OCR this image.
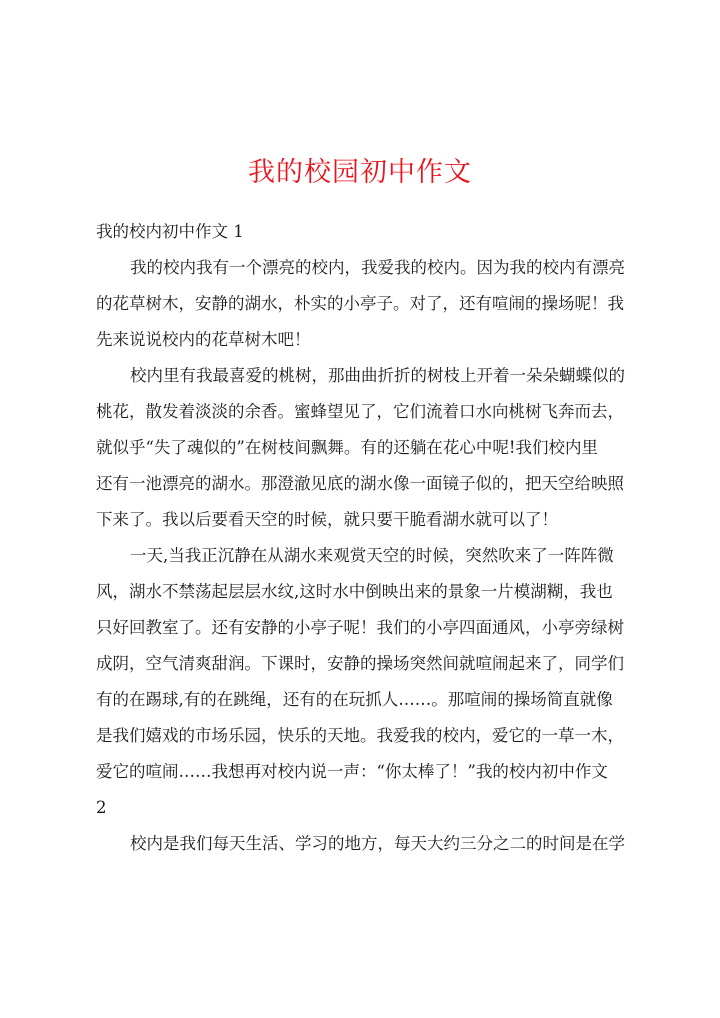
我的校园初中作文
我的校内初中作文 1
我的校内我有一个漂亮的校内，我爱我的校内。因为我的校内有漂亮
的花草树木，安静的湖水，朴实的小亭子。对了，还有喧闹的操场呢！我
先来说说校内的花草树木吧！
校内里有我最喜爱的桃树，那曲曲折折的树枝上开着一朵朵蝴蝶似的
桃花，散发着淡淡的余香。蜜蜂望见了，它们流着口水向桃树飞奔而去，
就似乎“失了魂似的”在树枝间飘舞。有的还躺在花心中呢!我们校内里
还有一池漂亮的湖水。那澄澈见底的湖水像一面镜子似的，把天空给映照
下来了。我以后要看天空的时候，就只要干脆看湖水就可以了！
一天,当我正沉静在从湖水来观赏天空的时候，突然吹来了一阵阵微
风，湖水不禁荡起层层水纹,这时水中倒映出来的景象一片模湖糊，我也
只好回教室了。还有安静的小亭子呢！我们的小亭四面通风，小亭旁绿树
成阴，空气清爽甜润。下课时，安静的操场突然间就喧闹起来了，同学们
有的在踢球,有的在跳绳，还有的在玩抓人……。那喧闹的操场简直就像
是我们嬉戏的市场乐园，快乐的天地。我爱我的校内，爱它的一草一木，
爱它的喧闹……我想再对校内说一声：“你太棒了！”我的校内初中作文
2
校内是我们每天生活、学习的地方，每天大约三分之二的时间是在学
